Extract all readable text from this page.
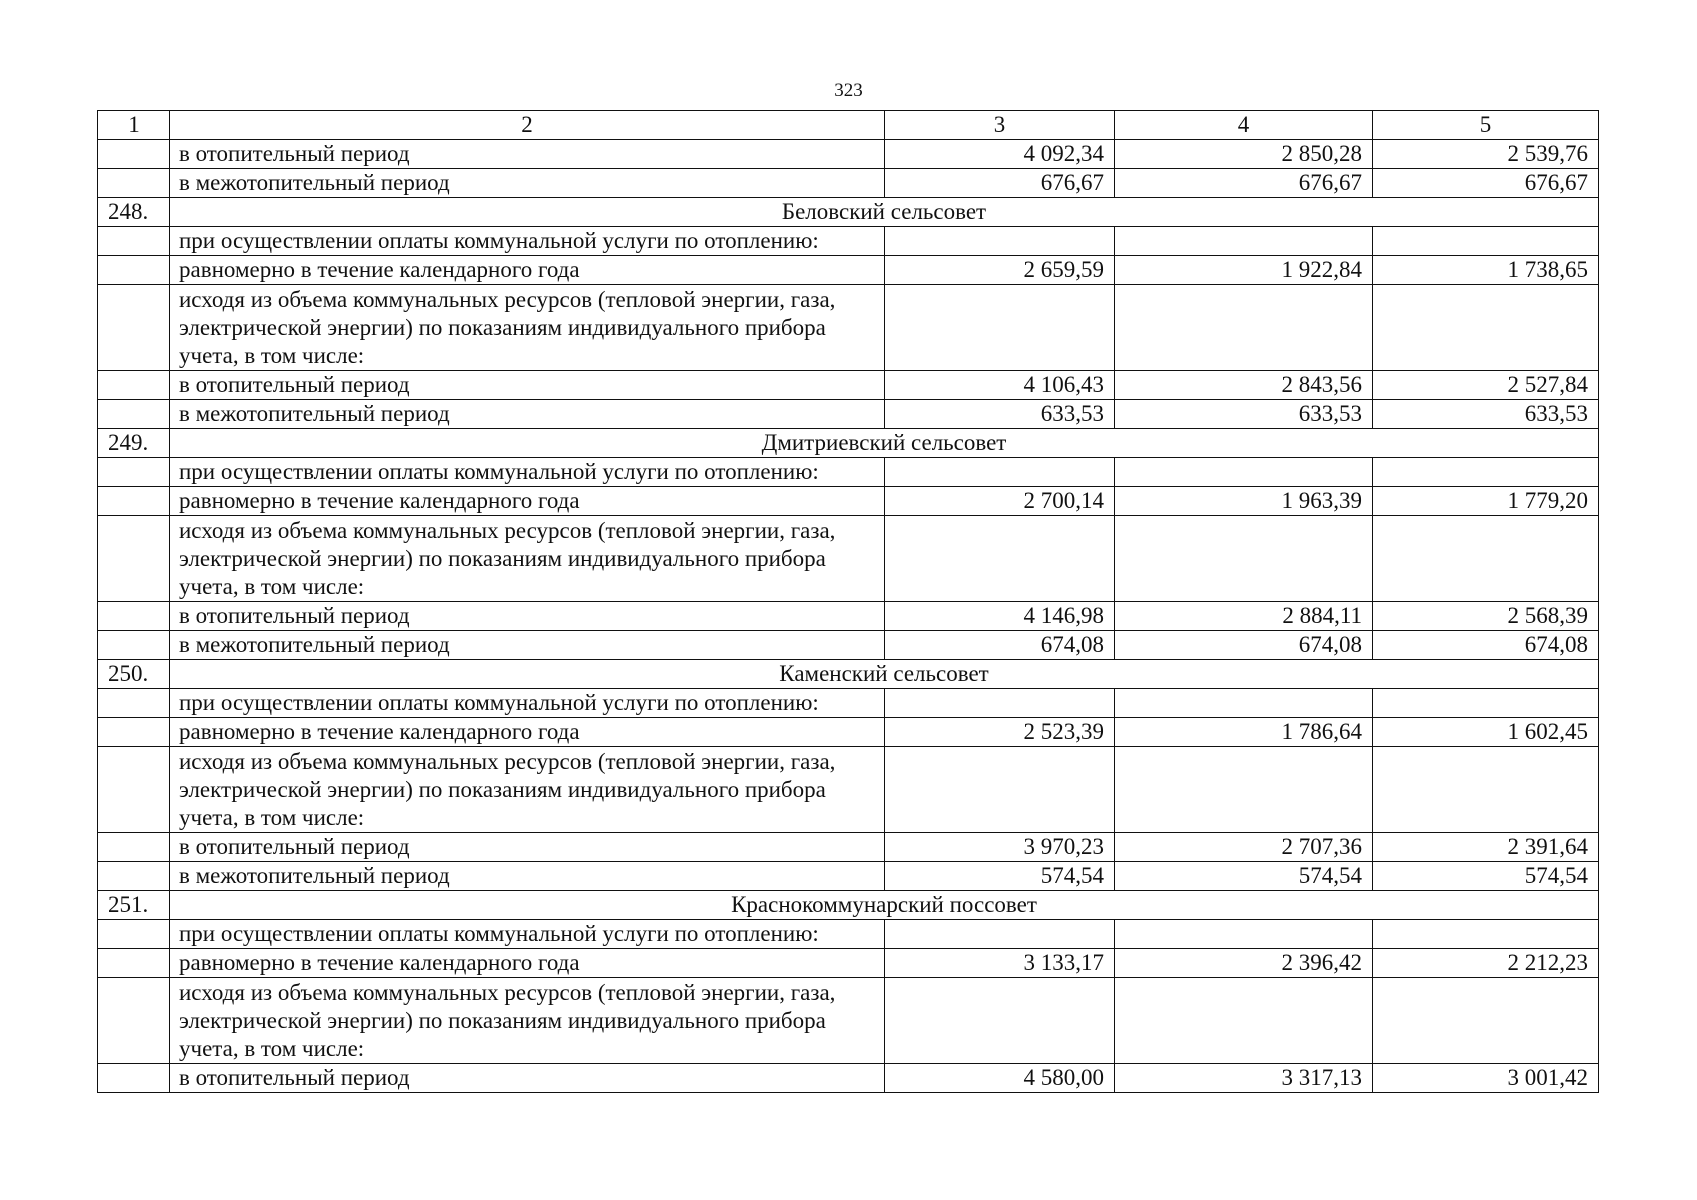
323
1	2	3	4	5
	в отопительный период	4 092,34	2 850,28	2 539,76
	в межотопительный период	676,67	676,67	676,67
248.	Беловский сельсовет			
	при осуществлении оплаты коммунальной услуги по отоплению:			
	равномерно в течение календарного года	2 659,59	1 922,84	1 738,65
	исходя из объема коммунальных ресурсов (тепловой энергии, газа, электрической энергии) по показаниям индивидуального прибора учета, в том числе:			
	в отопительный период	4 106,43	2 843,56	2 527,84
	в межотопительный период	633,53	633,53	633,53
249.	Дмитриевский сельсовет			
	при осуществлении оплаты коммунальной услуги по отоплению:			
	равномерно в течение календарного года	2 700,14	1 963,39	1 779,20
	исходя из объема коммунальных ресурсов (тепловой энергии, газа, электрической энергии) по показаниям индивидуального прибора учета, в том числе:			
	в отопительный период	4 146,98	2 884,11	2 568,39
	в межотопительный период	674,08	674,08	674,08
250.	Каменский сельсовет			
	при осуществлении оплаты коммунальной услуги по отоплению:			
	равномерно в течение календарного года	2 523,39	1 786,64	1 602,45
	исходя из объема коммунальных ресурсов (тепловой энергии, газа, электрической энергии) по показаниям индивидуального прибора учета, в том числе:			
	в отопительный период	3 970,23	2 707,36	2 391,64
	в межотопительный период	574,54	574,54	574,54
251.	Краснокоммунарский поссовет			
	при осуществлении оплаты коммунальной услуги по отоплению:			
	равномерно в течение календарного года	3 133,17	2 396,42	2 212,23
	исходя из объема коммунальных ресурсов (тепловой энергии, газа, электрической энергии) по показаниям индивидуального прибора учета, в том числе:			
	в отопительный период	4 580,00	3 317,13	3 001,42
